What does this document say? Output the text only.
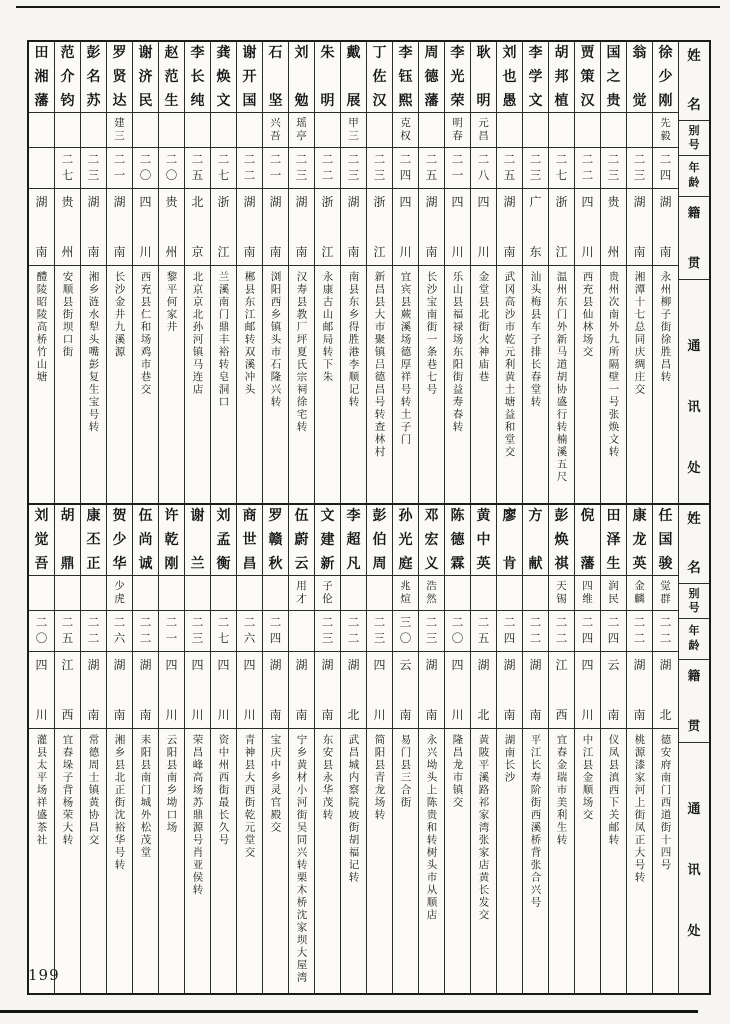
姓
名
别
号
年
龄
籍
贯
通
讯
处
徐
少
刚
先
毅
二
四
湖
南
永州柳子街徐胜昌转
翁
觉
二
三
湖
南
湘潭十七总同庆绸庄交
国
之
贵
二
三
贵
州
贵州次南外九所隔壁一号张焕文转
贾
策
汉
二
二
四
川
西充县仙林场交
胡
邦
植
二
七
浙
江
温州东门外新马道胡协盛行转楠溪五尺
李
学
文
二
三
广
东
汕头梅县车子排长春堂转
刘
也
愚
二
五
湖
南
武冈高沙市乾元利黄土塘益和堂交
耿
明
元
昌
二
八
四
川
金堂县北街火神庙巷
李
光
荣
明
春
二
一
四
川
乐山县福禄场东阳街益寿春转
周
德
藩
二
五
湖
南
长沙宝南街一条巷七号
李
钰
熙
克
权
二
四
四
川
宜宾县蕨溪场德厚祥号转土子门
丁
佐
汉
二
三
浙
江
新昌县大市聚镇吕德昌号转查林村
戴
展
甲
三
二
三
湖
南
南县东乡得胜港李顺记转
朱
明
二
二
浙
江
永康古山邮局转下朱
刘
勉
瑶
亭
二
三
湖
南
汉寿县教厂坪夏氏宗祠徐宅转
石
坚
兴
吾
二
一
湖
南
浏阳西乡镇头市石隆兴转
谢
开
国
二
二
湖
南
郴县东江邮转双溪冲头
龚
焕
文
二
七
浙
江
兰溪南门鼎丰裕转皂洞口
李
长
纯
二
五
北
京
北京京北孙河镇马连店
赵
范
生
二
〇
贵
州
黎平何家井
谢
济
民
二
〇
四
川
西充县仁和场鸡市巷交
罗
贤
达
建
三
二
一
湖
南
长沙金井九溪源
彭
名
苏
二
三
湖
南
湘乡涟水犁头嘴彭复生宝号转
范
介
钧
二
七
贵
州
安顺县街坝口街
田
湘
藩
湖
南
醴陵昭陵高桥竹山塘
姓
名
别
号
年
龄
籍
贯
通
讯
处
任
国
骏
觉
群
二
二
湖
北
德安府南门西道街十四号
康
龙
英
金
麟
二
二
湖
南
桃源漆家河上街凤正大号转
田
泽
生
润
民
二
四
云
南
仪凤县滇西下关邮转
倪
藩
四
维
二
四
四
川
中江县金顺场交
彭
焕
祺
天
锡
二
二
江
西
宜春金瑞市美利生转
方
献
二
二
湖
南
平江长寿阶街西溪桥背张合兴号
廖
肯
二
四
湖
南
湖南长沙
黄
中
英
二
五
湖
北
黄陂平溪路祁家湾张家店黄长发交
陈
德
霖
二
〇
四
川
隆昌龙市镇交
邓
宏
义
浩
然
二
三
湖
南
永兴坳头上陈贵和转树头市从顺店
孙
光
庭
兆
煊
三
〇
云
南
易门县三合街
彭
伯
周
二
三
四
川
简阳县青龙场转
李
超
凡
二
二
湖
北
武昌城内察院坡街胡福记转
文
建
新
子
伦
二
三
湖
南
东安县永华茂转
伍
蔚
云
用
才
湖
南
宁乡黄材小河街吴同兴转栗木桥沈家坝大屋湾
罗
赣
秋
二
四
湖
南
宝庆中乡灵官殿交
商
世
昌
二
六
四
川
青神县大西街乾元堂交
刘
孟
衡
二
七
四
川
资中州西街最长久号
谢
兰
二
三
四
川
荣昌峰高场苏鼎源号肖亚侯转
许
乾
刚
二
一
四
川
云阳县南乡坳口场
伍
尚
诚
二
二
湖
南
耒阳县南门城外松茂堂
贺
少
华
少
虎
二
六
湖
南
湘乡县北正街沈裕华号转
康
丕
正
二
二
湖
南
常德周士镇黄协昌交
胡
鼎
二
五
江
西
宜春垛子背杨荣大转
刘
觉
吾
二
〇
四
川
灌县太平场祥盛茶社
199
